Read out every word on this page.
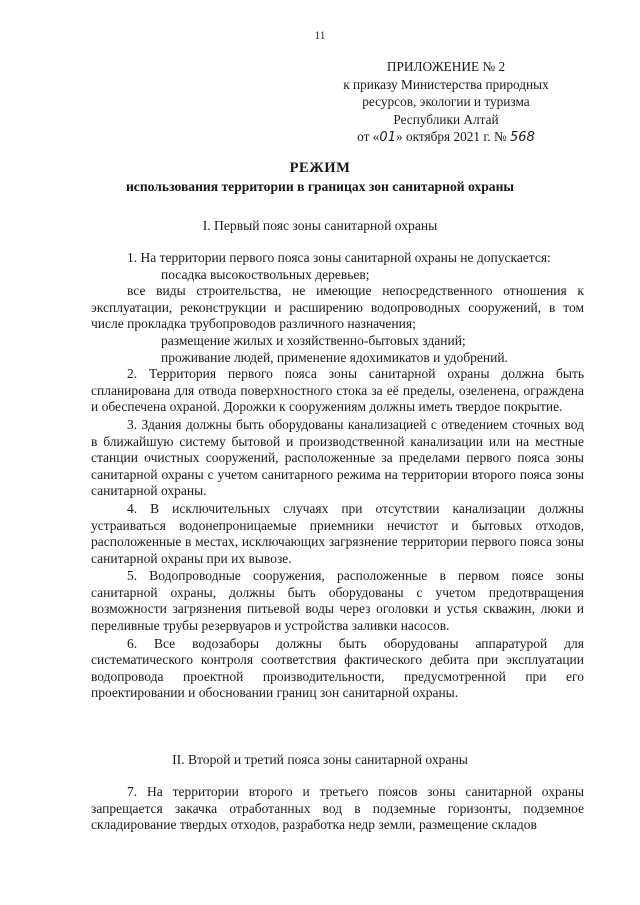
11
ПРИЛОЖЕНИЕ № 2
к приказу Министерства природных
ресурсов, экологии и туризма
Республики Алтай
от «01» октября 2021 г. № 568
РЕЖИМ
использования территории в границах зон санитарной охраны
I. Первый пояс зоны санитарной охраны

1. На территории первого пояса зоны санитарной охраны не допускается:

посадка высокоствольных деревьев;

все виды строительства, не имеющие непосредственного отношения к эксплуатации, реконструкции и расширению водопроводных сооружений, в том числе прокладка трубопроводов различного назначения;

размещение жилых и хозяйственно-бытовых зданий;

проживание людей, применение ядохимикатов и удобрений.

2. Территория первого пояса зоны санитарной охраны должна быть спланирована для отвода поверхностного стока за её пределы, озеленена, ограждена и обеспечена охраной. Дорожки к сооружениям должны иметь твердое покрытие.

3. Здания должны быть оборудованы канализацией с отведением сточных вод в ближайшую систему бытовой и производственной канализации или на местные станции очистных сооружений, расположенные за пределами первого пояса зоны санитарной охраны с учетом санитарного режима на территории второго пояса зоны санитарной охраны.

4. В исключительных случаях при отсутствии канализации должны устраиваться водонепроницаемые приемники нечистот и бытовых отходов, расположенные в местах, исключающих загрязнение территории первого пояса зоны санитарной охраны при их вывозе.

5. Водопроводные сооружения, расположенные в первом поясе зоны санитарной охраны, должны быть оборудованы с учетом предотвращения возможности загрязнения питьевой воды через оголовки и устья скважин, люки и переливные трубы резервуаров и устройства заливки насосов.

6. Все водозаборы должны быть оборудованы аппаратурой для систематического контроля соответствия фактического дебита при эксплуатации водопровода проектной производительности, предусмотренной при его проектировании и обосновании границ зон санитарной охраны.

II. Второй и третий пояса зоны санитарной охраны

7. На территории второго и третьего поясов зоны санитарной охраны запрещается закачка отработанных вод в подземные горизонты, подземное складирование твердых отходов, разработка недр земли, размещение складов
